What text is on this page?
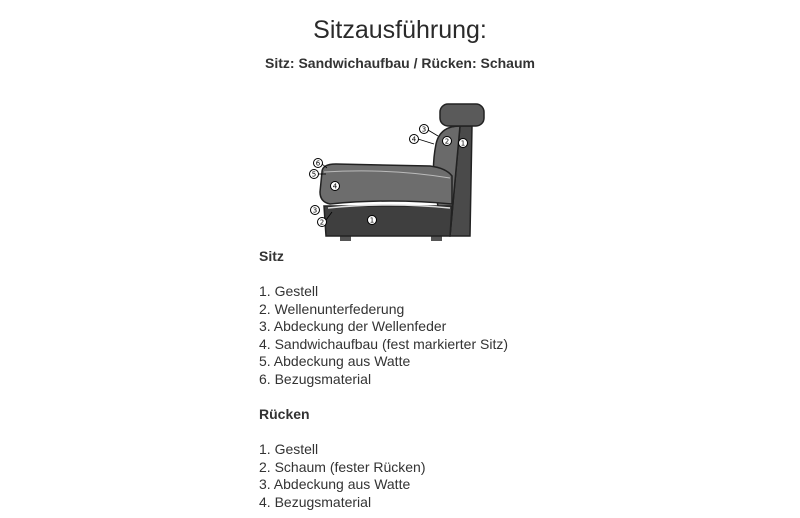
Sitzausführung:
Sitz: Sandwichaufbau / Rücken: Schaum
1
2
3
4
1
2
3
4
5
6
Sitz
1. Gestell
2. Wellenunterfederung
3. Abdeckung der Wellenfeder
4. Sandwichaufbau (fest markierter Sitz)
5. Abdeckung aus Watte
6. Bezugsmaterial
Rücken
1. Gestell
2. Schaum (fester Rücken)
3. Abdeckung aus Watte
4. Bezugsmaterial
